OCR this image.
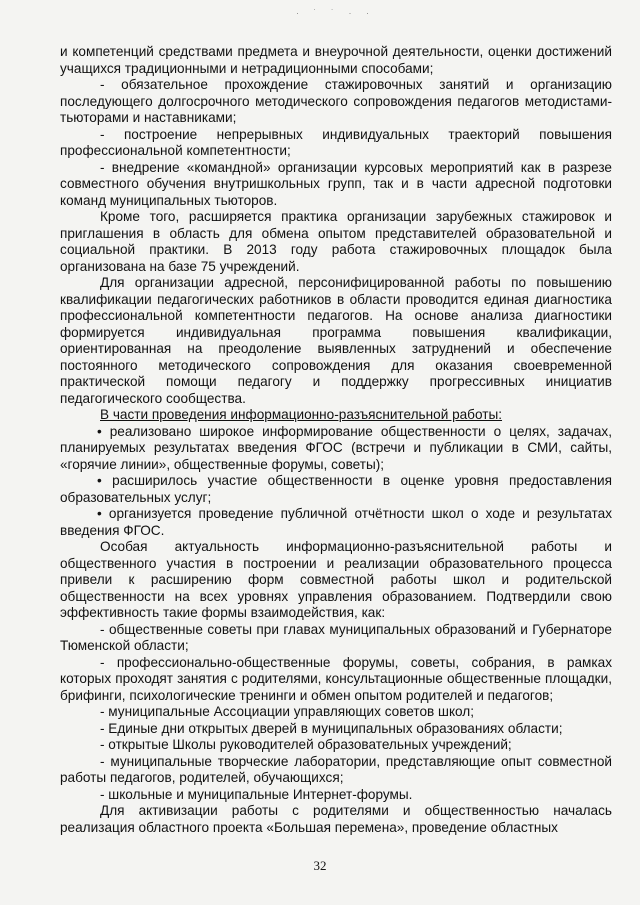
· ˙ ˙ · ·

и компетенций средствами предмета и внеурочной деятельности, оценки достижений учащихся традиционными и нетрадиционными способами;

- обязательное прохождение стажировочных занятий и организацию последующего долгосрочного методического сопровождения педагогов методистами-тьюторами и наставниками;

- построение непрерывных индивидуальных траекторий повышения профессиональной компетентности;

- внедрение «командной» организации курсовых мероприятий как в разрезе совместного обучения внутришкольных групп, так и в части адресной подготовки команд муниципальных тьюторов.

Кроме того, расширяется практика организации зарубежных стажировок и приглашения в область для обмена опытом представителей образовательной и социальной практики. В 2013 году работа стажировочных площадок была организована на базе 75 учреждений.

Для организации адресной, персонифицированной работы по повышению квалификации педагогических работников в области проводится единая диагностика профессиональной компетентности педагогов. На основе анализа диагностики формируется индивидуальная программа повышения квалификации, ориентированная на преодоление выявленных затруднений и обеспечение постоянного методического сопровождения для оказания своевременной практической помощи педагогу и поддержку прогрессивных инициатив педагогического сообщества.

В части проведения информационно-разъяснительной работы:

• реализовано широкое информирование общественности о целях, задачах, планируемых результатах введения ФГОС (встречи и публикации в СМИ, сайты, «горячие линии», общественные форумы, советы);

• расширилось участие общественности в оценке уровня предоставления образовательных услуг;

• организуется проведение публичной отчётности школ о ходе и результатах введения ФГОС.

Особая актуальность информационно-разъяснительной работы и общественного участия в построении и реализации образовательного процесса привели к расширению форм совместной работы школ и родительской общественности на всех уровнях управления образованием. Подтвердили свою эффективность такие формы взаимодействия, как:

- общественные советы при главах муниципальных образований и Губернаторе Тюменской области;

- профессионально-общественные форумы, советы, собрания, в рамках которых проходят занятия с родителями, консультационные общественные площадки, брифинги, психологические тренинги и обмен опытом родителей и педагогов;

- муниципальные Ассоциации управляющих советов школ;

- Единые дни открытых дверей в муниципальных образованиях области;

- открытые Школы руководителей образовательных учреждений;

- муниципальные творческие лаборатории, представляющие опыт совместной работы педагогов, родителей, обучающихся;

- школьные и муниципальные Интернет-форумы.

Для активизации работы с родителями и общественностью началась реализация областного проекта «Большая перемена», проведение областных

32
